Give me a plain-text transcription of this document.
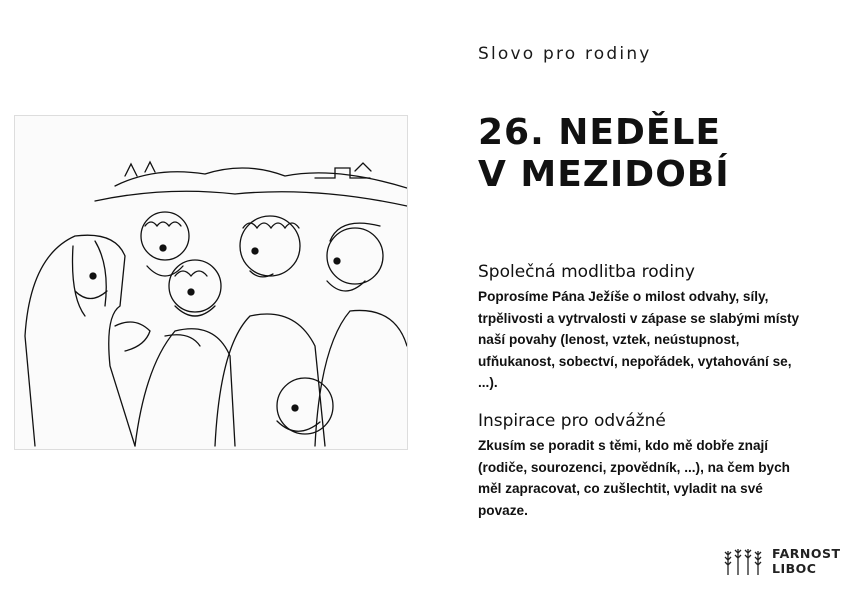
Slovo pro rodiny
26. NEDĚLE
V MEZIDOBÍ
Společná modlitba rodiny

Poprosíme Pána Ježíše o milost odvahy, síly, trpělivosti a vytrvalosti v zápase se slabými místy naší povahy (lenost, vztek, neústupnost, ufňukanost, sobectví, nepořádek, vytahování se, ...).

Inspirace pro odvážné

Zkusím se poradit s těmi, kdo mě dobře znají (rodiče, sourozenci, zpovědník, ...), na čem bych měl zapracovat, co zušlechtit, vyladit na své povaze.

FARNOST
LIBOC
